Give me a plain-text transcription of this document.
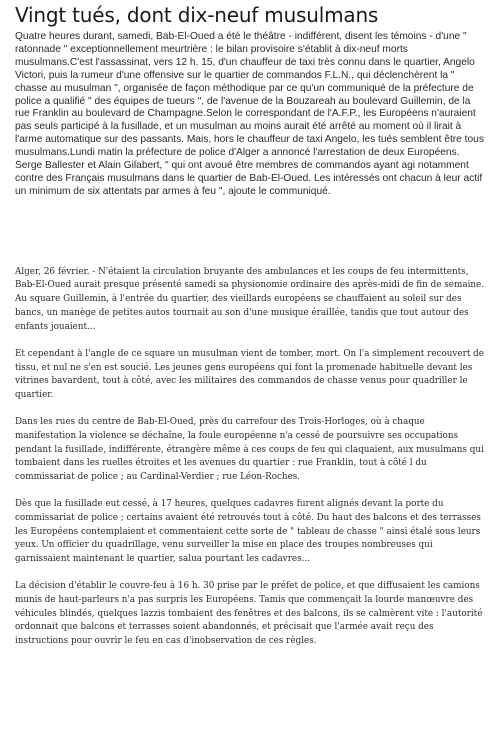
Vingt tués, dont dix-neuf musulmans

Quatre heures durant, samedi, Bab-El-Oued a été le théâtre - indifférent, disent les témoins - d'une " ratonnade " exceptionnellement meurtrière : le bilan provisoire s'établit à dix-neuf morts musulmans.C'est l'assassinat, vers 12 h. 15, d'un chauffeur de taxi très connu dans le quartier, Angelo Victori, puis la rumeur d'une offensive sur le quartier de commandos F.L.N., qui déclenchèrent la " chasse au musulman ", organisée de façon méthodique par ce qu'un communiqué de la préfecture de police a qualifié " des équipes de tueurs ", de l'avenue de la Bouzareah au boulevard Guillemin, de la rue Franklin au boulevard de Champagne.Selon le correspondant de l'A.F.P., les Européens n'auraient pas seuls participé à la fusillade, et un musulman au moins aurait été arrêté au moment où il lirait à l'arme automatique sur des passants. Mais, hors le chauffeur de taxi Angelo, les tués semblent être tous musulmans.Lundi matin la préfecture de police d'Alger a annoncé l'arrestation de deux Européens. Serge Ballester et Alain Gilabert, " qui ont avoué être membres de commandos ayant agi notamment contre des Français musulmans dans le quartier de Bab-El-Oued. Les intéressés ont chacun à leur actif un minimum de six attentats par armes à feu ", ajoute le communiqué.

Alger, 26 février. - N'étaient la circulation bruyante des ambulances et les coups de feu intermittents, Bab-El-Oued aurait presque présenté samedi sa physionomie ordinaire des après-midi de fin de semaine. Au square Guillemin, à l'entrée du quartier, des vieillards européens se chauffaient au soleil sur des bancs, un manège de petites autos tournait au son d'une musique éraillée, tandis que tout autour des enfants jouaient...

Et cependant à l'angle de ce square un musulman vient de tomber, mort. On l'a simplement recouvert de tissu, et nul ne s'en est soucié. Les jeunes gens européens qui font la promenade habituelle devant les vitrines bavardent, tout à côté, avec les militaires des commandos de chasse venus pour quadriller le quartier.

Dans les rues du centre de Bab-El-Oued, près du carrefour des Trois-Horloges, où à chaque manifestation la violence se déchaîne, la foule européenne n'a cessé de poursuivre ses occupations pendant la fusillade, indifférente, étrangère même à ces coups de feu qui claquaient, aux musulmans qui tombaient dans les ruelles étroites et les avenues du quartier : rue Franklin, tout à côté l du commissariat de police ; au Cardinal-Verdier ; rue Léon-Roches.

Dès que la fusillade eut cessé, à 17 heures, quelques cadavres furent alignés devant la porte du commissariat de police ; certains avaient été retrouvés tout à côté. Du haut des balcons et des terrasses les Européens contemplaient et commentaient cette sorte de " tableau de chasse " ainsi étalé sous leurs yeux. Un officier du quadrillage, venu surveiller la mise en place des troupes nombreuses qui garnissaient maintenant le quartier, salua pourtant les cadavres...

La décision d'établir le couvre-feu à 16 h. 30 prise par le préfet de police, et que diffusaient les camions munis de haut-parleurs n'a pas surpris les Européens. Tamis que commençait la lourde manœuvre des véhicules blindés, quelques lazzis tombaient des fenêtres et des balcons, ils se calmèrent vite : l'autorité ordonnait que balcons et terrasses soient abandonnés, et précisait que l'armée avait reçu des instructions pour ouvrir le feu en cas d'inobservation de ces règles.
